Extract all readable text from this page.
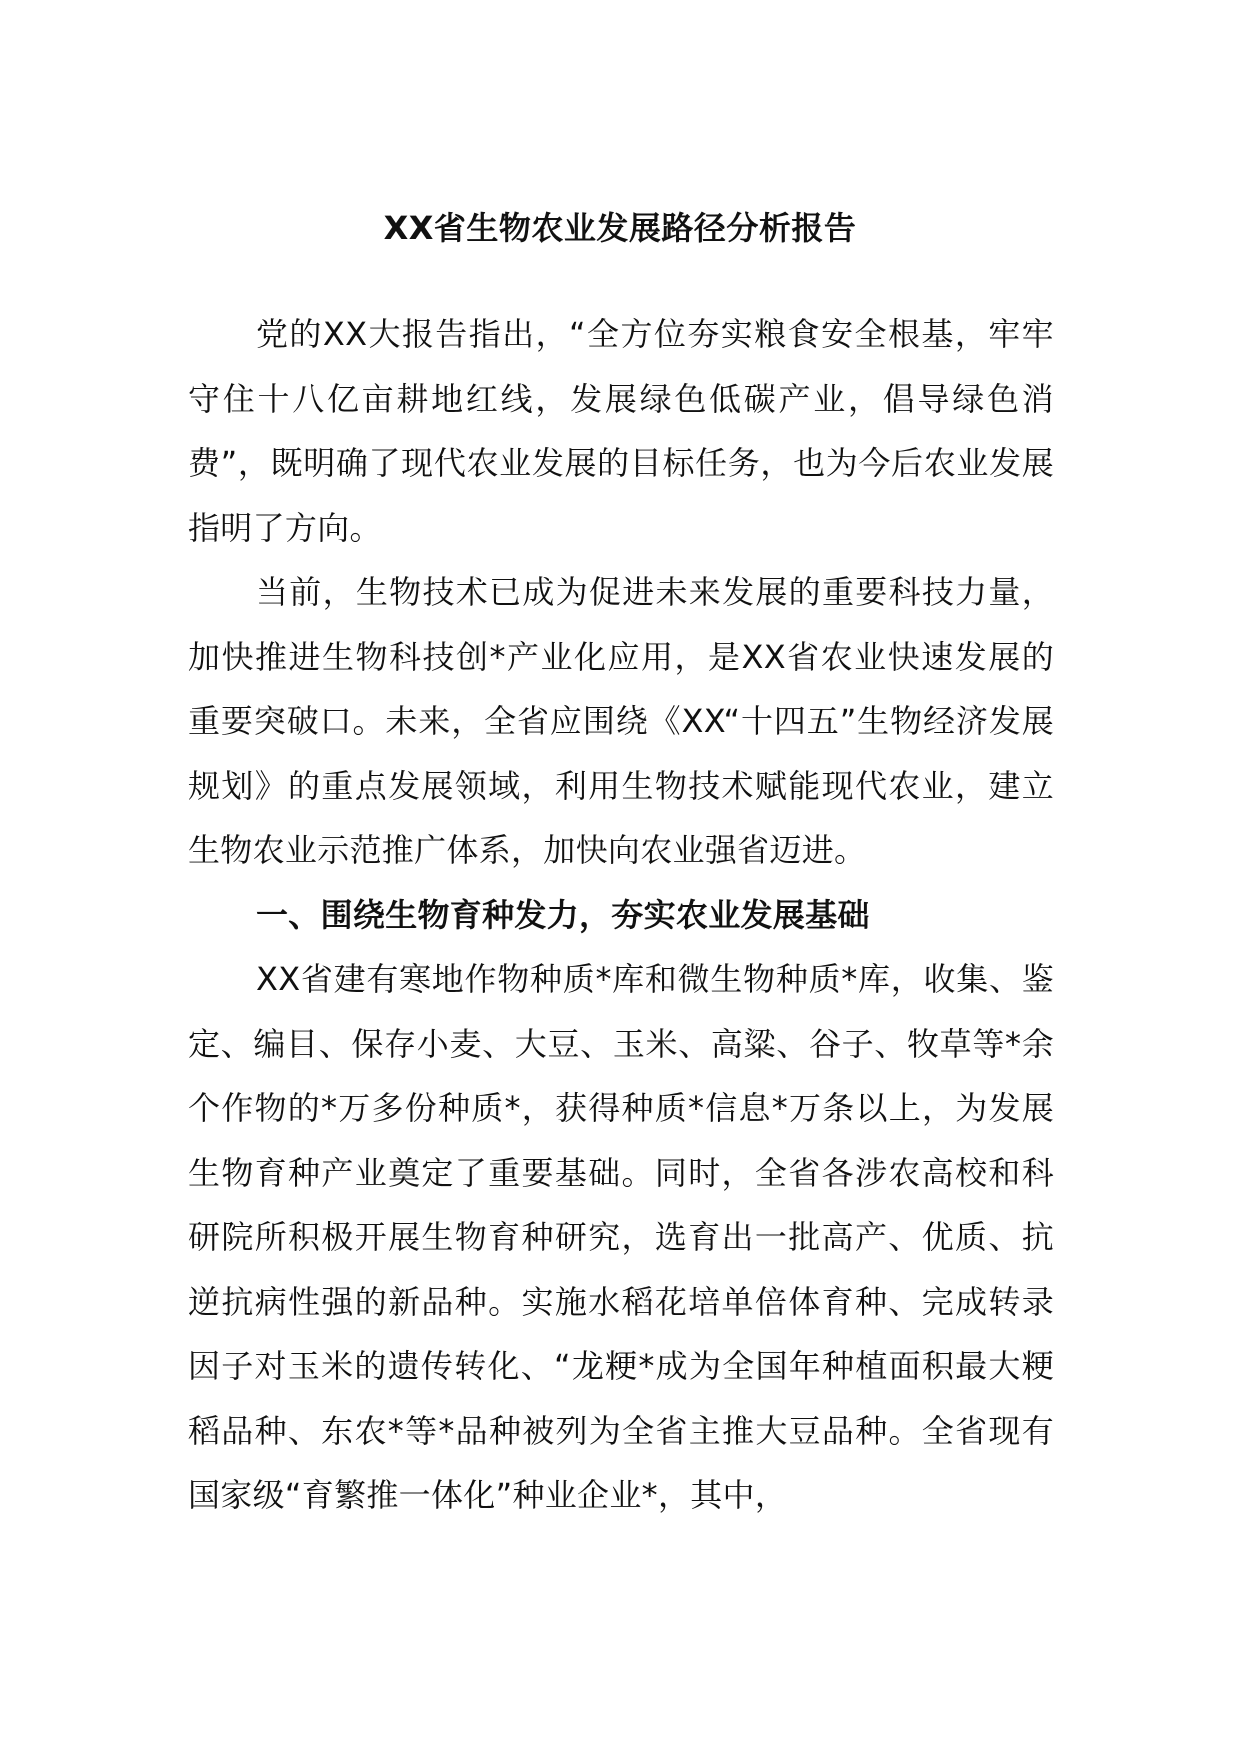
XX省生物农业发展路径分析报告

党的XX大报告指出，“全方位夯实粮食安全根基，牢牢守住十八亿亩耕地红线，发展绿色低碳产业，倡导绿色消费”，既明确了现代农业发展的目标任务，也为今后农业发展指明了方向。

当前，生物技术已成为促进未来发展的重要科技力量，加快推进生物科技创*产业化应用，是XX省农业快速发展的重要突破口。未来，全省应围绕《XX“十四五”生物经济发展规划》的重点发展领域，利用生物技术赋能现代农业，建立生物农业示范推广体系，加快向农业强省迈进。

一、围绕生物育种发力，夯实农业发展基础

XX省建有寒地作物种质*库和微生物种质*库，收集、鉴定、编目、保存小麦、大豆、玉米、高粱、谷子、牧草等*余个作物的*万多份种质*，获得种质*信息*万条以上，为发展生物育种产业奠定了重要基础。同时，全省各涉农高校和科研院所积极开展生物育种研究，选育出一批高产、优质、抗逆抗病性强的新品种。实施水稻花培单倍体育种、完成转录因子对玉米的遗传转化、“龙粳*成为全国年种植面积最大粳稻品种、东农*等*品种被列为全省主推大豆品种。全省现有国家级“育繁推一体化”种业企业*，其中，
